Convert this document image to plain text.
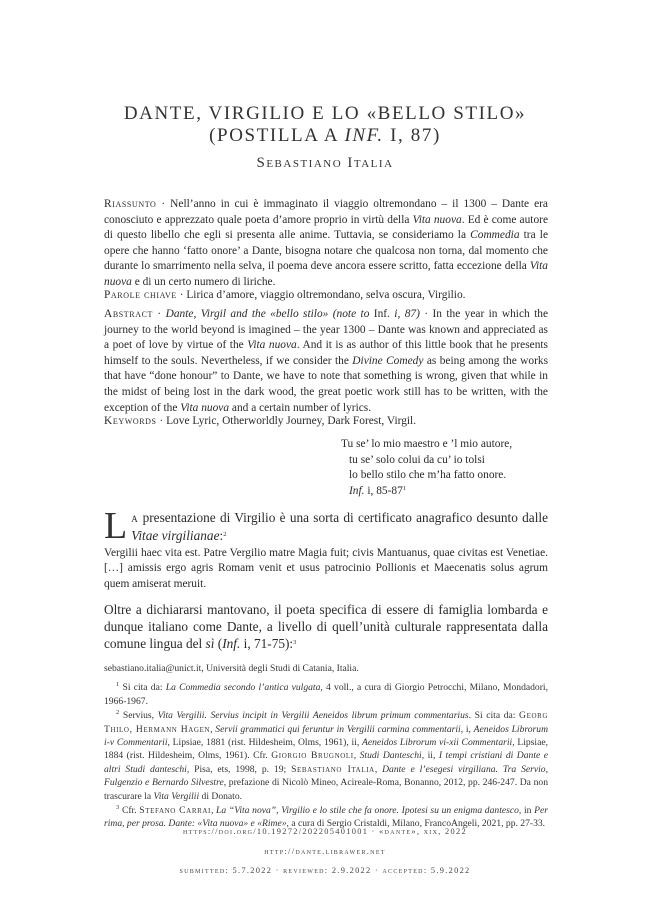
DANTE, VIRGILIO E LO «BELLO STILO»
(POSTILLA A INF. I, 87)
Sebastiano Italia
Riassunto · Nell’anno in cui è immaginato il viaggio oltremondano – il 1300 – Dante era conosciuto e apprezzato quale poeta d’amore proprio in virtù della Vita nuova. Ed è come autore di questo libello che egli si presenta alle anime. Tuttavia, se consideriamo la Commedia tra le opere che hanno ‘fatto onore’ a Dante, bisogna notare che qualcosa non torna, dal momento che durante lo smarrimento nella selva, il poema deve ancora essere scritto, fatta eccezione della Vita nuova e di un certo numero di liriche.
Parole chiave · Lirica d’amore, viaggio oltremondano, selva oscura, Virgilio.
Abstract · Dante, Virgil and the «bello stilo» (note to Inf. i, 87) · In the year in which the journey to the world beyond is imagined – the year 1300 – Dante was known and appreciated as a poet of love by virtue of the Vita nuova. And it is as author of this little book that he presents himself to the souls. Nevertheless, if we consider the Divine Comedy as being among the works that have “done honour” to Dante, we have to note that something is wrong, given that while in the midst of being lost in the dark wood, the great poetic work still has to be written, with the exception of the Vita nuova and a certain number of lyrics.
Keywords · Love Lyric, Otherworldly Journey, Dark Forest, Virgil.
Tu se’ lo mio maestro e ’l mio autore,
tu se’ solo colui da cu’ io tolsi
lo bello stilo che m’ha fatto onore.
Inf. i, $85-87^1$
La presentazione di Virgilio è una sorta di certificato anagrafico desunto dalle Vitae virgilianae:$^2$
Vergilii haec vita est. Patre Vergilio matre Magia fuit; civis Mantuanus, quae civitas est Venetiae. […] amissis ergo agris Romam venit et usus patrocinio Pollionis et Maecenatis solus agrum quem amiserat meruit.
Oltre a dichiararsi mantovano, il poeta specifica di essere di famiglia lombarda e dunque italiano come Dante, a livello di quell’unità culturale rappresentata dalla comune lingua del sì (Inf. i, 71-75):$^3$
sebastiano.italia@unict.it, Università degli Studi di Catania, Italia.
$^1$ Si cita da: La Commedia secondo l’antica vulgata, 4 voll., a cura di Giorgio Petrocchi, Milano, Mondadori, 1966-1967.
$^2$ Servius, Vita Vergilii. Servius incipit in Vergilii Aeneidos librum primum commentarius. Si cita da: Georg Thilo, Hermann Hagen, Servii grammatici qui feruntur in Vergilii carmina commentarii, i, Aeneidos Librorum i-v Commentarii, Lipsiae, 1881 (rist. Hildesheim, Olms, 1961), ii, Aeneidos Librorum vi-xii Commentarii, Lipsiae, 1884 (rist. Hildesheim, Olms, 1961). Cfr. Giorgio Brugnoli, Studi Danteschi, ii, I tempi cristiani di Dante e altri Studi danteschi, Pisa, ets, 1998, p. 19; Sebastiano Italia, Dante e l’esegesi virgiliana. Tra Servio, Fulgenzio e Bernardo Silvestre, prefazione di Nicolò Mineo, Acireale-Roma, Bonanno, 2012, pp. 246-247. Da non trascurare la Vita Vergilii di Donato.
$^3$ Cfr. Stefano Carrai, La “Vita nova”, Virgilio e lo stile che fa onore. Ipotesi su un enigma dantesco, in Per rima, per prosa. Dante: «Vita nuova» e «Rime», a cura di Sergio Cristaldi, Milano, FrancoAngeli, 2021, pp. 27-33.
https://doi.org/10.19272/202205401001 · «dante», xix, 2022
http://dante.librawer.net
submitted: 5.7.2022 · reviewed: 2.9.2022 · accepted: 5.9.2022
